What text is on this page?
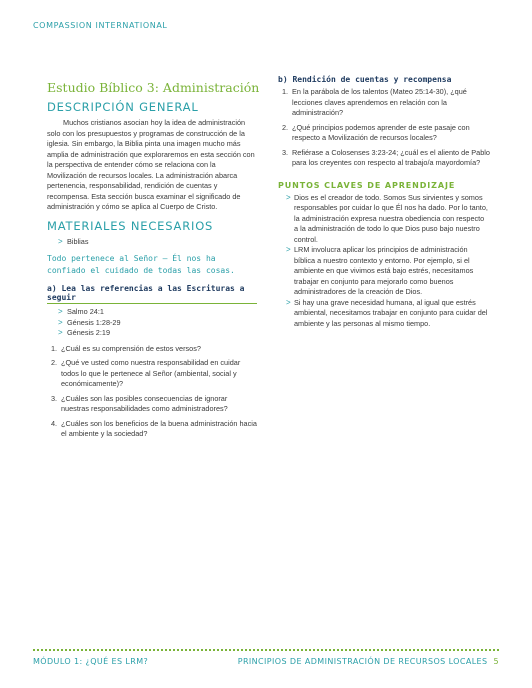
COMPASSION INTERNATIONAL
Estudio Bíblico 3: Administración
DESCRIPCIÓN GENERAL

Muchos cristianos asocian hoy la idea de administración solo con los presupuestos y programas de construcción de la iglesia. Sin embargo, la Biblia pinta una imagen mucho más amplia de administración que exploraremos en esta sección con la perspectiva de entender cómo se relaciona con la Movilización de recursos locales. La administración abarca pertenencia, responsabilidad, rendición de cuentas y recompensa. Esta sección busca examinar el significado de administración y cómo se aplica al Cuerpo de Cristo.

MATERIALES NECESARIOS
> Biblias

Todo pertenece al Señor – Él nos ha confiado el cuidado de todas las cosas.

a) Lea las referencias a las Escrituras a seguir
> Salmo 24:1
> Génesis 1:28-29
> Génesis 2:19
1. ¿Cuál es su comprensión de estos versos?
2. ¿Qué ve usted como nuestra responsabilidad en cuidar todos lo que le pertenece al Señor (ambiental, social y económicamente)?
3. ¿Cuáles son las posibles consecuencias de ignorar nuestras responsabilidades como administradores?
4. ¿Cuáles son los beneficios de la buena administración hacia el ambiente y la sociedad?
b) Rendición de cuentas y recompensa
1. En la parábola de los talentos (Mateo 25:14-30), ¿qué lecciones claves aprendemos en relación con la administración?
2. ¿Qué principios podemos aprender de este pasaje con respecto a Movilización de recursos locales?
3. Refiérase a Colosenses 3:23-24; ¿cuál es el aliento de Pablo para los creyentes con respecto al trabajo/a mayordomía?
PUNTOS CLAVES DE APRENDIZAJE
> Dios es el creador de todo. Somos Sus sirvientes y somos responsables por cuidar lo que Él nos ha dado. Por lo tanto, la administración expresa nuestra obediencia con respecto a la administración de todo lo que Dios puso bajo nuestro control.
> LRM involucra aplicar los principios de administración bíblica a nuestro contexto y entorno. Por ejemplo, si el ambiente en que vivimos está bajo estrés, necesitamos trabajar en conjunto para mejorarlo como buenos administradores de la creación de Dios.
> Si hay una grave necesidad humana, al igual que estrés ambiental, necesitamos trabajar en conjunto para cuidar del ambiente y las personas al mismo tiempo.
MÓDULO 1: ¿QUÉ ES LRM?	PRINCIPIOS DE ADMINISTRACIÓN DE RECURSOS LOCALES 5
